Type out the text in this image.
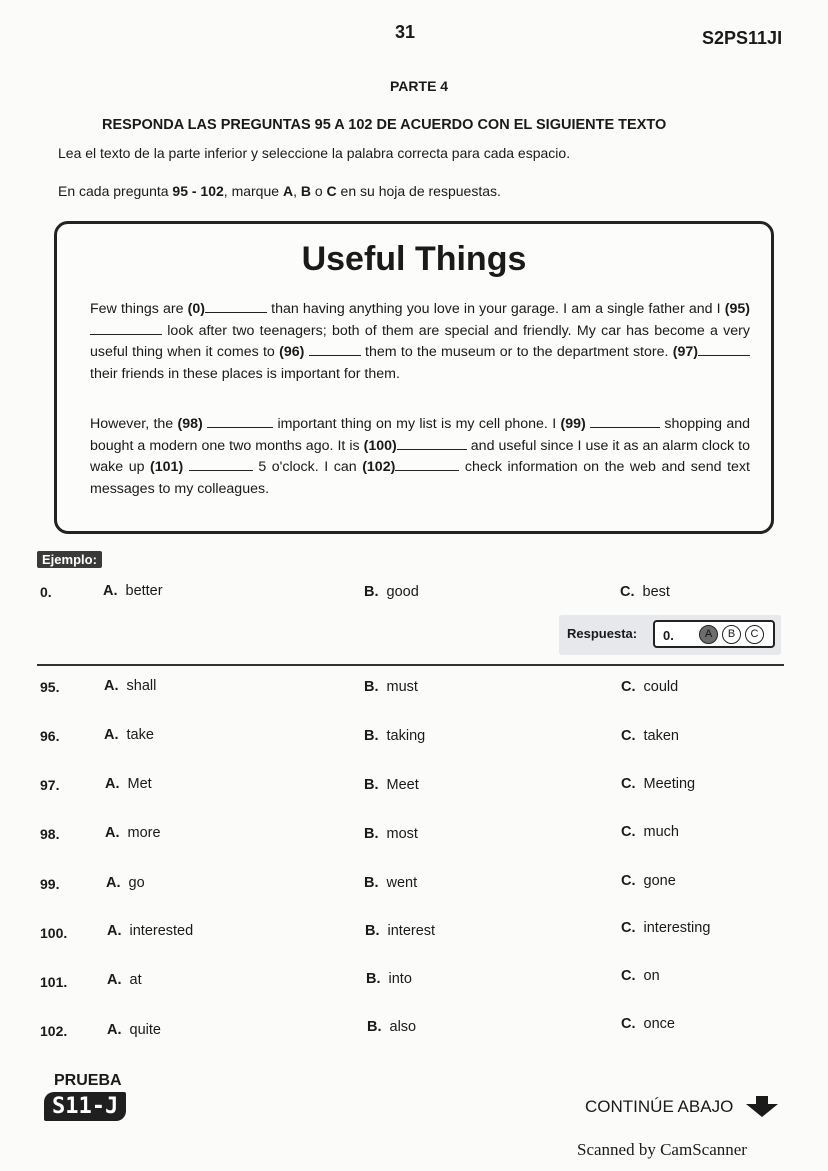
31	S2PS11JI
PARTE 4
RESPONDA LAS PREGUNTAS 95 A 102 DE ACUERDO CON EL SIGUIENTE TEXTO
Lea el texto de la parte inferior y seleccione la palabra correcta para cada espacio.
En cada pregunta 95 - 102, marque A, B o C en su hoja de respuestas.
Useful Things
Few things are (0)	than having anything you love in your garage. I am a single father and I (95)  look after two teenagers; both of them are special and friendly. My car has become a very useful thing when it comes to (96)	them to the museum or to the department store. (97) their friends in these places is important for them.
However, the (98)	important thing on my list is my cell phone. I (99)	shopping and bought a modern one two months ago. It is (100)	and useful since I use it as an alarm clock to wake up (101)	5 o'clock. I can (102)	check information on the web and send text messages to my colleagues.
Ejemplo:
0.	A. better	B. good	C. best
Respuesta: 0.	A	B	C
95.	A. shall	B. must	C. could
96.	A. take	B. taking	C. taken
97.	A. Met	B. Meet	C. Meeting
98.	A. more	B. most	C. much
99.	A. go	B. went	C. gone
100.	A. interested	B. interest	C. interesting
101.	A. at	B. into	C. on
102.	A. quite	B. also	C. once
PRUEBA
S11-J	CONTINÚE ABAJO
Scanned by CamScanner
